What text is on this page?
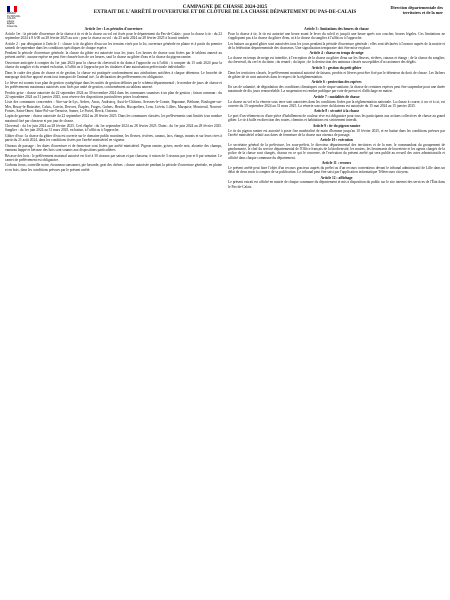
PRÉFET
DU PAS-DE-CALAIS
Liberté
Égalité
Fraternité
CAMPAGNE DE CHASSE 2024-2025
EXTRAIT DE L'ARRÊTÉ D'OUVERTURE ET DE CLÔTURE DE LA CHASSE DÉPARTEMENT DU PAS-DE-CALAIS
Direction départementale des territoires et de la mer
Article 1er : Les périodes d'ouverture

Article 1er : la période d'ouverture de la chasse à tir et de la chasse au vol est fixée pour le département du Pas-de-Calais : pour la chasse à tir : du 22 septembre 2024 à 8 h 00 au 28 février 2025 au soir ; pour la chasse au vol : du 25 août 2024 au 28 février 2025 à la nuit tombée.

Article 2 : par dérogation à l'article 1 : chasse à tir du gibier d'eau sur les terrains visés par la loi, ouverture générale en plaine et à partir du premier samedi de septembre dans les conditions spécifiques de chaque espèce.

Pendant la période d'ouverture générale, la chasse du gibier est autorisée tous les jours. Les heures de chasse sont fixées par le tableau annexé au présent arrêté ; aucune espèce ne peut être chassée hors de ces heures, sauf la chasse au gibier d'eau et la chasse du pigeon ramier.

Ouverture anticipée à compter du 1er juin 2024 pour la chasse du chevreuil et du daim à l'approche ou à l'affût ; à compter du 15 août 2024 pour la chasse du sanglier et du renard en battue, à l'affût ou à l'approche par les titulaires d'une autorisation préfectorale individuelle.

Dans le cadre des plans de chasse et de gestion, la chasse est pratiquée conformément aux attributions notifiées à chaque détenteur. Le bracelet de marquage doit être apposé avant tout transport de l'animal tué ; la déclaration des prélèvements est obligatoire.

Le lièvre est soumis à un plan de gestion cynégétique dans les unités de gestion définies par le schéma départemental ; le nombre de jours de chasse et les prélèvements maximaux autorisés sont fixés par unité de gestion, conformément au tableau annexé.

Perdrix grise : chasse autorisée du 22 septembre 2024 au 30 novembre 2024 dans les communes soumises à un plan de gestion ; faisan commun : du 22 septembre 2024 au 31 janvier 2025, sous réserve des dispositions particulières prises localement.

Liste des communes concernées : Aire-sur-la-Lys, Ardres, Arras, Audruicq, Auxi-le-Château, Avesnes-le-Comte, Bapaume, Béthune, Boulogne-sur-Mer, Bruay-la-Buissière, Calais, Carvin, Desvres, Étaples, Fruges, Guînes, Hesdin, Hucqueliers, Lens, Liévin, Lillers, Marquise, Montreuil, Norrent-Fontes, Saint-Omer, Saint-Pol-sur-Ternoise, Samer, Le Portel, Berck, Outreau.

Lapin de garenne : chasse autorisée du 22 septembre 2024 au 28 février 2025. Dans les communes classées, les prélèvements sont limités à un nombre maximal fixé par chasseur et par jour de chasse.

Chevreuil : du 1er juin 2024 au 28 février 2025. Cerf élaphe : du 1er septembre 2024 au 28 février 2025. Daim : du 1er juin 2024 au 28 février 2025. Sanglier : du 1er juin 2024 au 31 mars 2025, en battue, à l'affût ou à l'approche.

Gibier d'eau : la chasse du gibier d'eau est ouverte sur le domaine public maritime, les fleuves, rivières, canaux, lacs, étangs, marais et sur leurs rives à partir du 21 août 2024, dans les conditions fixées par l'arrêté ministériel en vigueur.

Oiseaux de passage : les dates d'ouverture et de fermeture sont fixées par arrêté ministériel. Pigeon ramier, grives, merle noir, alouette des champs, vanneau huppé et bécasse des bois sont soumis aux dispositions particulières.

Bécasse des bois : le prélèvement maximal autorisé est fixé à 30 oiseaux par saison et par chasseur, à raison de 3 oiseaux par jour et 6 par semaine. Le carnet de prélèvement est obligatoire.

Corbeau freux, corneille noire, étourneau sansonnet, pie bavarde, geai des chênes : chasse autorisée pendant la période d'ouverture générale, en plaine et en bois, dans les conditions prévues par le présent arrêté.

Article 3 : limitations des heures de chasse

Pour la chasse à tir, le tir est autorisé une heure avant le lever du soleil et jusqu'à une heure après son coucher, heures légales. Ces limitations ne s'appliquent pas à la chasse du gibier d'eau, ni à la chasse du sanglier à l'affût ou à l'approche.

Les battues au grand gibier sont autorisées tous les jours pendant la période d'ouverture générale ; elles sont déclarées à l'avance auprès de la mairie et de la fédération départementale des chasseurs. Une signalisation temporaire doit être mise en place.

Article 4 : chasse en temps de neige

La chasse en temps de neige est interdite, à l'exception de la chasse au gibier d'eau sur les fleuves, rivières, canaux et étangs ; de la chasse du sanglier, du chevreuil, du cerf et du daim ; du renard ; du lapin ; de la destruction des animaux classés susceptibles d'occasionner des dégâts.

Article 5 : gestion du petit gibier

Dans les territoires classés, le prélèvement maximal autorisé de faisans, perdrix et lièvres peut être fixé par le détenteur du droit de chasse. Les lâchers de gibier de tir sont autorisés dans le respect de la réglementation.

Article 6 : protection des espèces

En cas de calamité, de dégradation des conditions climatiques ou de risque sanitaire, la chasse de certaines espèces peut être suspendue pour une durée maximale de dix jours renouvelable. La suspension est rendue publique par voie de presse et d'affichage en mairie.

Article 7 : modalités de chasse

La chasse au vol et la vénerie sous terre sont autorisées dans les conditions fixées par la réglementation nationale. La chasse à courre, à cor et à cri, est ouverte du 15 septembre 2024 au 31 mars 2025. La vénerie sous terre du blaireau est autorisée du 15 mai 2024 au 15 janvier 2025.

Article 8 : sécurité à la chasse

Le port d'un vêtement ou d'une pièce d'habillement de couleur vive est obligatoire pour tous les participants aux actions collectives de chasse au grand gibier. Le tir à balle en direction des routes, chemins et habitations est strictement interdit.

Article 9 : tir du pigeon ramier

Le tir du pigeon ramier est autorisé à poste fixe matérialisé de main d'homme jusqu'au 10 février 2025, et en battue dans les conditions prévues par l'arrêté ministériel relatif aux dates de fermeture de la chasse aux oiseaux de passage.

Article 10 : exécution

Le secrétaire général de la préfecture, les sous-préfets, le directeur départemental des territoires et de la mer, le commandant du groupement de gendarmerie, le chef du service départemental de l'Office français de la biodiversité, les maires, les lieutenants de louveterie et les agents chargés de la police de la chasse sont chargés, chacun en ce qui le concerne, de l'exécution du présent arrêté qui sera publié au recueil des actes administratifs et affiché dans chaque commune du département.

Article 11 : recours

Le présent arrêté peut faire l'objet d'un recours gracieux auprès du préfet ou d'un recours contentieux devant le tribunal administratif de Lille dans un délai de deux mois à compter de sa publication. Le tribunal peut être saisi par l'application informatique Télérecours citoyens.

Article 12 : affichage

Le présent extrait est affiché en mairie de chaque commune du département et mis à disposition du public sur le site internet des services de l'État dans le Pas-de-Calais.
